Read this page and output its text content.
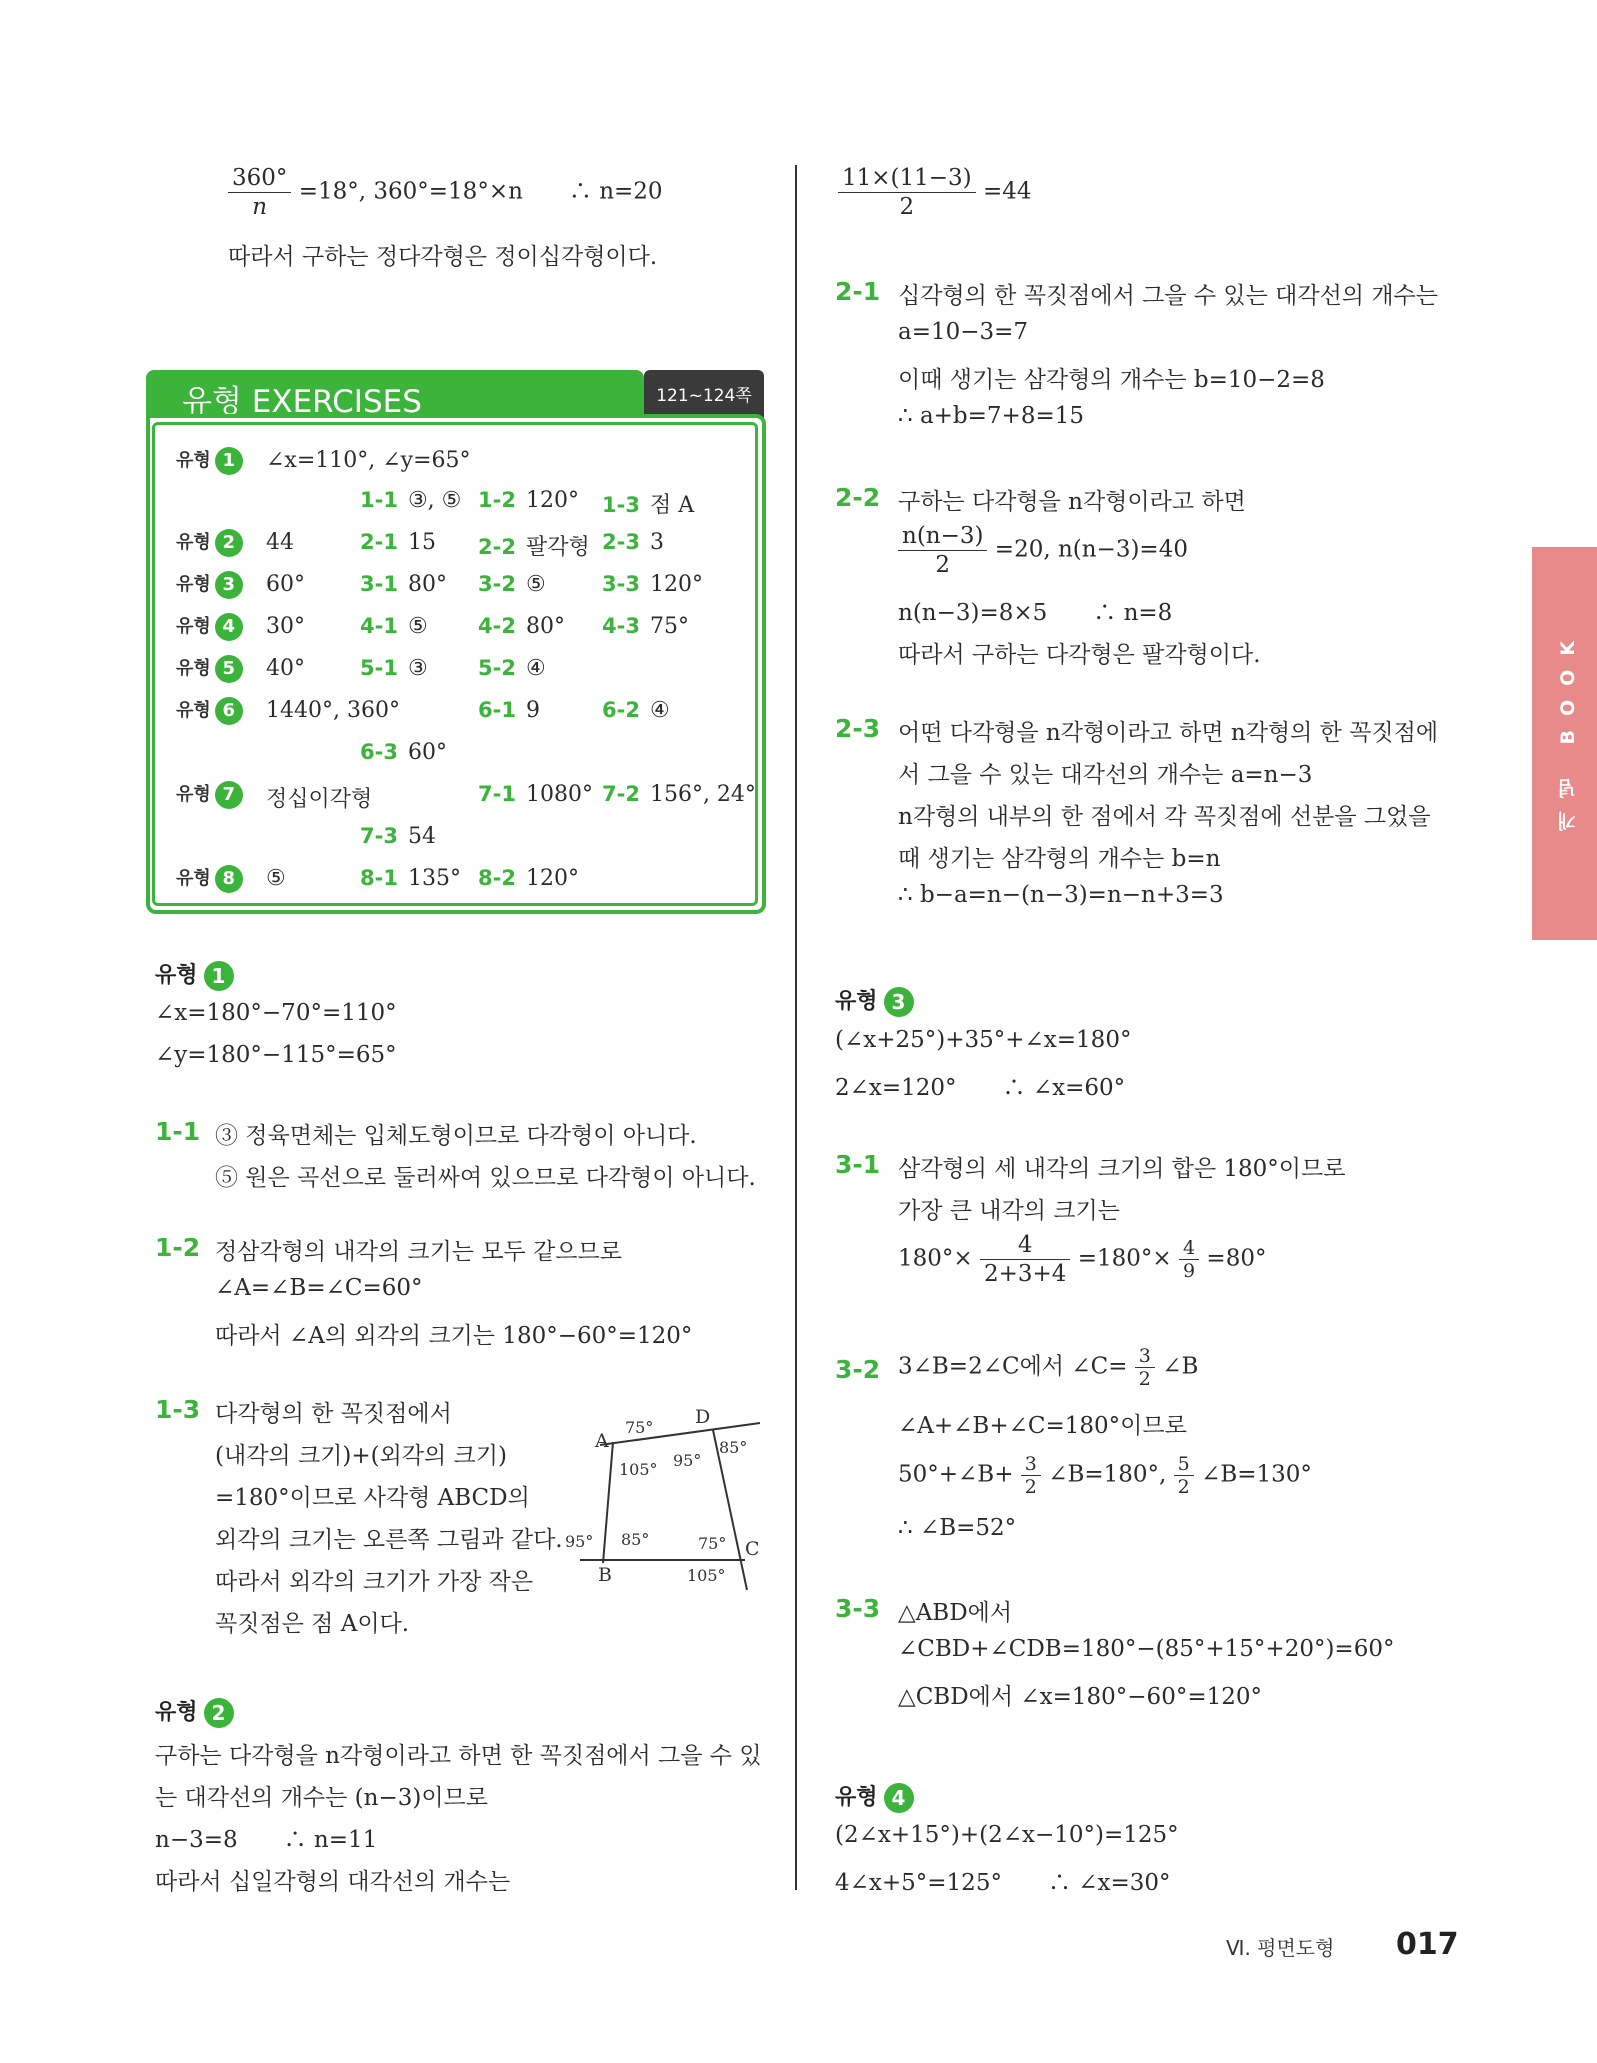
$\frac{360^\circ}{n} =18^\circ$, 360°=18°×n　　∴ n=20
따라서 구하는 정다각형은 정이십각형이다.
유형 EXERCISES	121~124쪽
유형 1	∠x=110°, ∠y=65°
1-1 ③, ⑤ 1-2 120° 1-3 점 A
유형 2	44	2-1 15 2-2 팔각형 2-3 3
유형 3	60°	3-1 80° 3-2 ⑤	3-3 120°
유형 4	30°	4-1 ⑤ 4-2 80° 4-3 75°
유형 5	40°	5-1 ③ 5-2 ④
유형 6	1440°, 360°	6-1 9	6-2 ④
6-3 60°
유형 7	정십이각형	7-1 1080° 7-2 156°, 24°
7-3 54
유형 8	⑤	8-1 135° 8-2 120°
유형 1
∠x=180°−70°=110°
∠y=180°−115°=65°
1-1 ③ 정육면체는 입체도형이므로 다각형이 아니다.
⑤ 원은 곡선으로 둘러싸여 있으므로 다각형이 아니다.
1-2 정삼각형의 내각의 크기는 모두 같으므로
∠A=∠B=∠C=60°
따라서 ∠A의 외각의 크기는 180°−60°=120°
1-3 다각형의 한 꼭짓점에서
(내각의 크기)+(외각의 크기)
=180°이므로 사각형 ABCD의
외각의 크기는 오른쪽 그림과 같다.
따라서 외각의 크기가 가장 작은
꼭짓점은 점 A이다.
A
D
B
C
75°
105° 95°
85°
95° 85°	75°
105°
유형 2
구하는 다각형을 n각형이라고 하면 한 꼭짓점에서 그을 수 있
는 대각선의 개수는 (n−3)이므로
n−3=8　　∴ n=11
따라서 십일각형의 대각선의 개수는
$\frac{11\times(11-3)}{2} =44$
2-1 십각형의 한 꼭짓점에서 그을 수 있는 대각선의 개수는
a=10−3=7
이때 생기는 삼각형의 개수는 b=10−2=8
∴ a+b=7+8=15
2-2 구하는 다각형을 n각형이라고 하면
$\frac{n(n-3)}{2} =20$, n(n−3)=40
n(n−3)=8×5　　∴ n=8
따라서 구하는 다각형은 팔각형이다.
2-3 어떤 다각형을 n각형이라고 하면 n각형의 한 꼭짓점에
서 그을 수 있는 대각선의 개수는 a=n−3
n각형의 내부의 한 점에서 각 꼭짓점에 선분을 그었을
때 생기는 삼각형의 개수는 b=n
∴ b−a=n−(n−3)=n−n+3=3
유형 3
(∠x+25°)+35°+∠x=180°
2∠x=120°　　∴ ∠x=60°
3-1 삼각형의 세 내각의 크기의 합은 180°이므로
가장 큰 내각의 크기는
$180^\circ\times \frac{4}{2+3+4} =180^\circ\times \frac{4}{9} =80^\circ$
3-2 3∠B=2∠C에서 ∠C= $\frac{3}{2}$ ∠B
∠A+∠B+∠C=180°이므로
50°+∠B+ $\frac{3}{2}$ ∠B=180°, $\frac{5}{2}$ ∠B=130°
∴ ∠B=52°
3-3 △ABD에서
∠CBD+∠CDB=180°−(85°+15°+20°)=60°
△CBD에서 ∠x=180°−60°=120°
유형 4
(2∠x+15°)+(2∠x−10°)=125°
4∠x+5°=125°　　∴ ∠x=30°
개념 BOOK
Ⅵ. 평면도형 017
